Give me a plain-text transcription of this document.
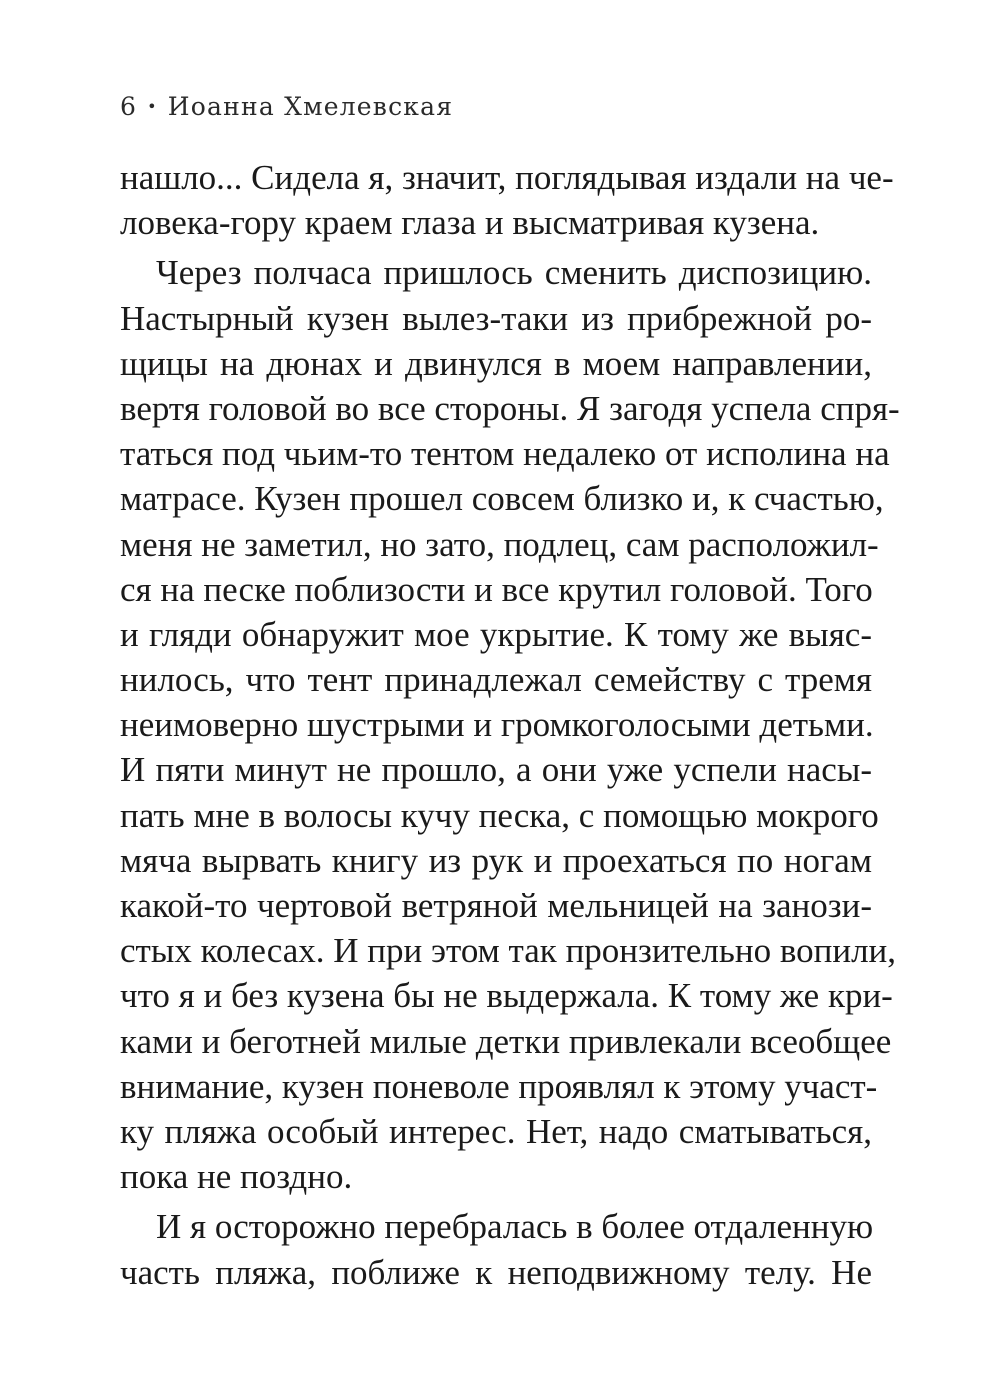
6 • Иоанна Хмелевская
нашло... Сидела я, значит, поглядывая издали на че-
ловека-гору краем глаза и высматривая кузена.
Через полчаса пришлось сменить диспозицию.
Настырный кузен вылез-таки из прибрежной ро-
щицы на дюнах и двинулся в моем направлении,
вертя головой во все стороны. Я загодя успела спря-
таться под чьим-то тентом недалеко от исполина на
матрасе. Кузен прошел совсем близко и, к счастью,
меня не заметил, но зато, подлец, сам расположил-
ся на песке поблизости и все крутил головой. Того
и гляди обнаружит мое укрытие. К тому же выяс-
нилось, что тент принадлежал семейству с тремя
неимоверно шустрыми и громкоголосыми детьми.
И пяти минут не прошло, а они уже успели насы-
пать мне в волосы кучу песка, с помощью мокрого
мяча вырвать книгу из рук и проехаться по ногам
какой-то чертовой ветряной мельницей на занози-
стых колесах. И при этом так пронзительно вопили,
что я и без кузена бы не выдержала. К тому же кри-
ками и беготней милые детки привлекали всеобщее
внимание, кузен поневоле проявлял к этому участ-
ку пляжа особый интерес. Нет, надо сматываться,
пока не поздно.
И я осторожно перебралась в более отдаленную
часть пляжа, поближе к неподвижному телу. Не
